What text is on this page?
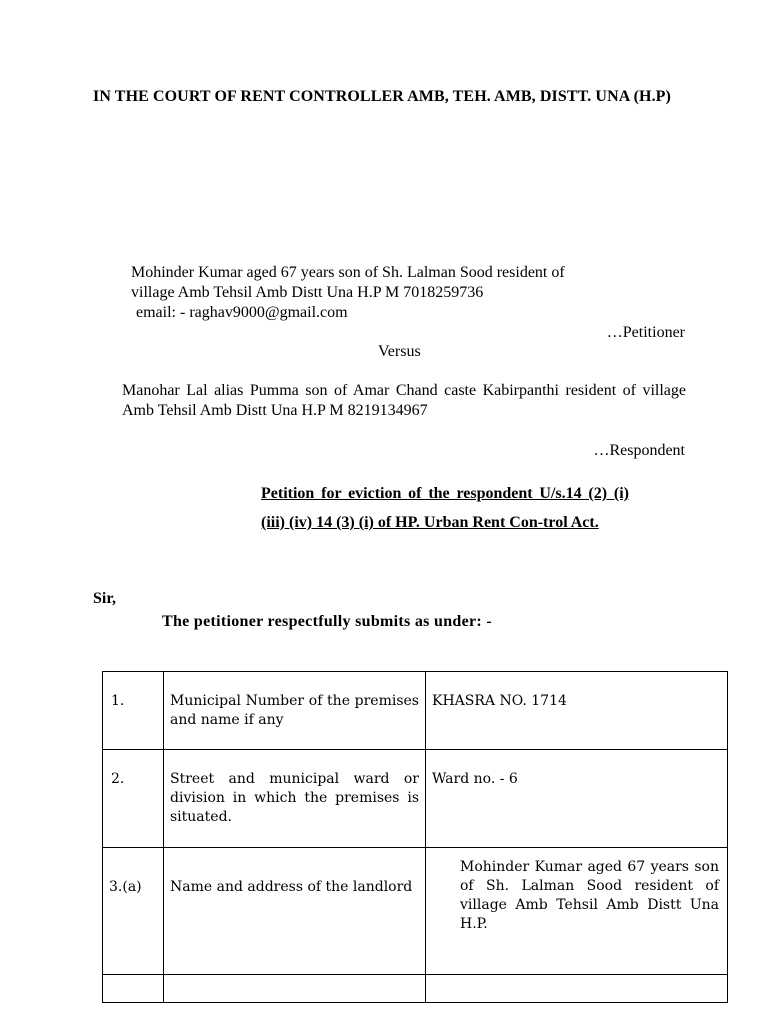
IN THE COURT OF RENT CONTROLLER AMB, TEH. AMB, DISTT. UNA (H.P)
Mohinder Kumar aged 67 years son of Sh. Lalman Sood resident of
village Amb Tehsil Amb Distt Una H.P M 7018259736
email: - raghav9000@gmail.com
…Petitioner
Versus
Manohar Lal alias Pumma son of Amar Chand caste Kabirpanthi resident of village Amb Tehsil Amb Distt Una H.P M 8219134967
…Respondent
Petition for eviction of the respondent U/s.14 (2) (i) (iii) (iv) 14 (3) (i) of HP. Urban Rent Con-trol Act.
Sir,
The petitioner respectfully submits as under: -
1.	Municipal Number of the premises and name if any	KHASRA NO. 1714
2.	Street and municipal ward or division in which the premises is situated.	Ward no. - 6
3.(a)	Name and address of the landlord	Mohinder Kumar aged 67 years son of Sh. Lalman Sood resident of village Amb Tehsil Amb Distt Una H.P.
